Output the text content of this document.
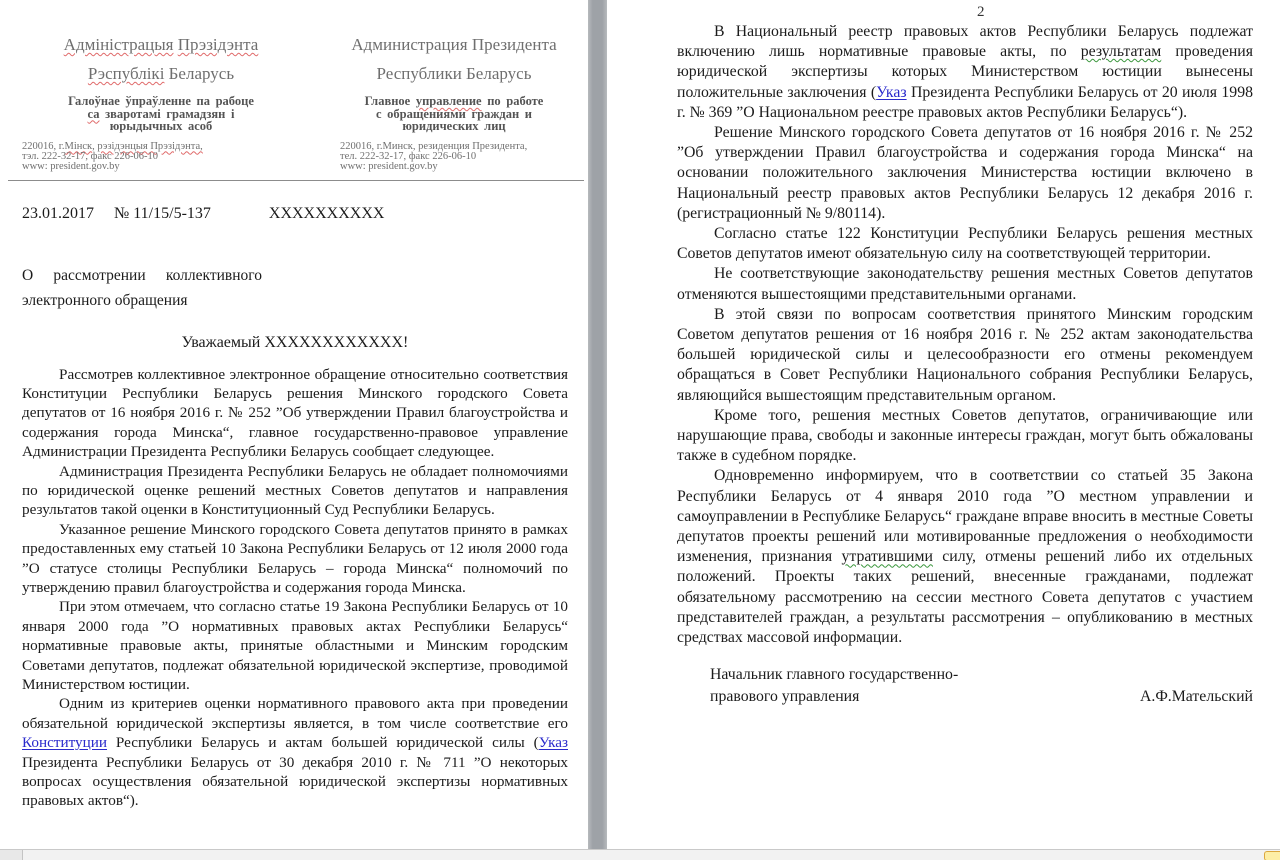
Адміністрацыя Прэзідэнта
Рэспублікі Беларусь
Галоўнае ўпраўленне па рабоце
са зваротамі грамадзян і
юрыдычных асоб
220016, г.Мінск, рэзідэнцыя Прэзідэнта,
тэл. 222-32-17, факс 226-06-10
www: president.gov.by
Администрация Президента
Республики Беларусь
Главное управление по работе
с обращениями граждан и
юридических лиц
220016, г.Минск, резиденция Президента,
тел. 222-32-17, факс 226-06-10
www: president.gov.by
23.01.2017 № 11/15/5-137	XXXXXXXXXX
О рассмотрении коллективного
электронного обращения
Уважаемый XXXXXXXXXXXX!

Рассмотрев коллективное электронное обращение относительно соответствия Конституции Республики Беларусь решения Минского городского Совета депутатов от 16 ноября 2016 г. № 252 ”Об утверждении Правил благоустройства и содержания города Минска“, главное государственно-правовое управление Администрации Президента Республики Беларусь сообщает следующее.

Администрация Президента Республики Беларусь не обладает полномочиями по юридической оценке решений местных Советов депутатов и направления результатов такой оценки в Конституционный Суд Республики Беларусь.

Указанное решение Минского городского Совета депутатов принято в рамках предоставленных ему статьей 10 Закона Республики Беларусь от 12 июля 2000 года ”О статусе столицы Республики Беларусь – города Минска“ полномочий по утверждению правил благоустройства и содержания города Минска.

При этом отмечаем, что согласно статье 19 Закона Республики Беларусь от 10 января 2000 года ”О нормативных правовых актах Республики Беларусь“ нормативные правовые акты, принятые областными и Минским городским Советами депутатов, подлежат обязательной юридической экспертизе, проводимой Министерством юстиции.

Одним из критериев оценки нормативного правового акта при проведении обязательной юридической экспертизы является, в том числе соответствие его Конституции Республики Беларусь и актам большей юридической силы (Указ Президента Республики Беларусь от 30 декабря 2010 г. № 711 ”О некоторых вопросах осуществления обязательной юридической экспертизы нормативных правовых актов“).

2

В Национальный реестр правовых актов Республики Беларусь подлежат включению лишь нормативные правовые акты, по результатам проведения юридической экспертизы которых Министерством юстиции вынесены положительные заключения (Указ Президента Республики Беларусь от 20 июля 1998 г. № 369 ”О Национальном реестре правовых актов Республики Беларусь“).

Решение Минского городского Совета депутатов от 16 ноября 2016 г. № 252 ”Об утверждении Правил благоустройства и содержания города Минска“ на основании положительного заключения Министерства юстиции включено в Национальный реестр правовых актов Республики Беларусь 12 декабря 2016 г. (регистрационный № 9/80114).

Согласно статье 122 Конституции Республики Беларусь решения местных Советов депутатов имеют обязательную силу на соответствующей территории.

Не соответствующие законодательству решения местных Советов депутатов отменяются вышестоящими представительными органами.

В этой связи по вопросам соответствия принятого Минским городским Советом депутатов решения от 16 ноября 2016 г. № 252 актам законодательства большей юридической силы и целесообразности его отмены рекомендуем обращаться в Совет Республики Национального собрания Республики Беларусь, являющийся вышестоящим представительным органом.

Кроме того, решения местных Советов депутатов, ограничивающие или нарушающие права, свободы и законные интересы граждан, могут быть обжалованы также в судебном порядке.

Одновременно информируем, что в соответствии со статьей 35 Закона Республики Беларусь от 4 января 2010 года ”О местном управлении и самоуправлении в Республике Беларусь“ граждане вправе вносить в местные Советы депутатов проекты решений или мотивированные предложения о необходимости изменения, признания утратившими силу, отмены решений либо их отдельных положений. Проекты таких решений, внесенные гражданами, подлежат обязательному рассмотрению на сессии местного Совета депутатов с участием представителей граждан, а результаты рассмотрения – опубликованию в местных средствах массовой информации.

Начальник главного государственно-
правового управления	А.Ф.Мательский
